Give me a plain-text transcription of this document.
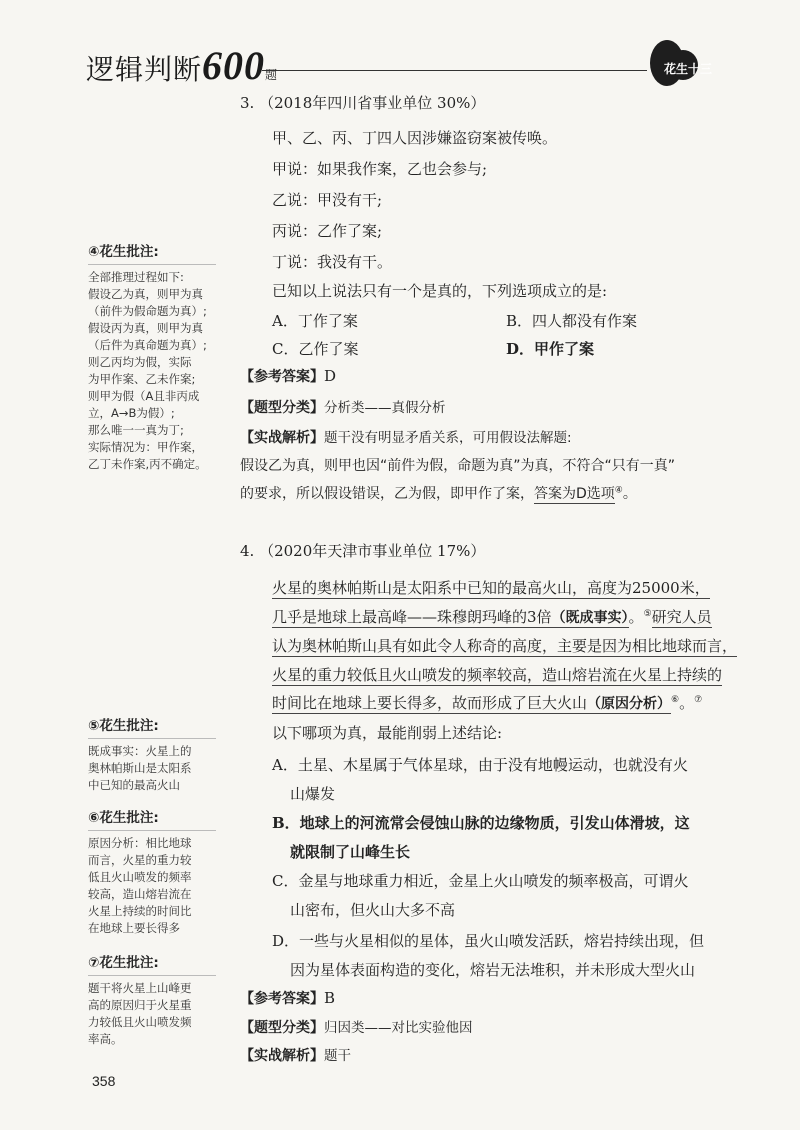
逻辑判断600题	花生十三
④花生批注:
全部推理过程如下:
假设乙为真，则甲为真
（前件为假命题为真）;
假设丙为真，则甲为真
（后件为真命题为真）;
则乙丙均为假，实际
为甲作案、乙未作案;
则甲为假（A且非丙成
立，A→B为假）;
那么唯一一真为丁;
实际情况为：甲作案，
乙丁未作案,丙不确定。
⑤花生批注:
既成事实：火星上的
奥林帕斯山是太阳系
中已知的最高火山
⑥花生批注:
原因分析：相比地球
而言，火星的重力较
低且火山喷发的频率
较高，造山熔岩流在
火星上持续的时间比
在地球上要长得多
⑦花生批注:
题干将火星上山峰更
高的原因归于火星重
力较低且火山喷发频
率高。
3. （2018年四川省事业单位 30%）
甲、乙、丙、丁四人因涉嫌盗窃案被传唤。
甲说：如果我作案，乙也会参与;
乙说：甲没有干;
丙说：乙作了案;
丁说：我没有干。
已知以上说法只有一个是真的，下列选项成立的是:
A．丁作了案	B．四人都没有作案
C．乙作了案	D．甲作了案
【参考答案】D
【题型分类】分析类——真假分析
【实战解析】题干没有明显矛盾关系，可用假设法解题:
假设乙为真，则甲也因“前件为假，命题为真”为真，不符合“只有一真”
的要求，所以假设错误，乙为假，即甲作了案，答案为D选项④。
4. （2020年天津市事业单位 17%）
火星的奥林帕斯山是太阳系中已知的最高火山，高度为25000米，
几乎是地球上最高峰——珠穆朗玛峰的3倍（既成事实）。⑤研究人员
认为奥林帕斯山具有如此令人称奇的高度，主要是因为相比地球而言，
火星的重力较低且火山喷发的频率较高，造山熔岩流在火星上持续的
时间比在地球上要长得多，故而形成了巨大火山（原因分析）⑥。⑦
以下哪项为真，最能削弱上述结论:
A．土星、木星属于气体星球，由于没有地幔运动，也就没有火
山爆发
B．地球上的河流常会侵蚀山脉的边缘物质，引发山体滑坡，这
就限制了山峰生长
C．金星与地球重力相近，金星上火山喷发的频率极高，可谓火
山密布，但火山大多不高
D．一些与火星相似的星体，虽火山喷发活跃，熔岩持续出现，但
因为星体表面构造的变化，熔岩无法堆积，并未形成大型火山
【参考答案】B
【题型分类】归因类——对比实验他因
【实战解析】题干
358
